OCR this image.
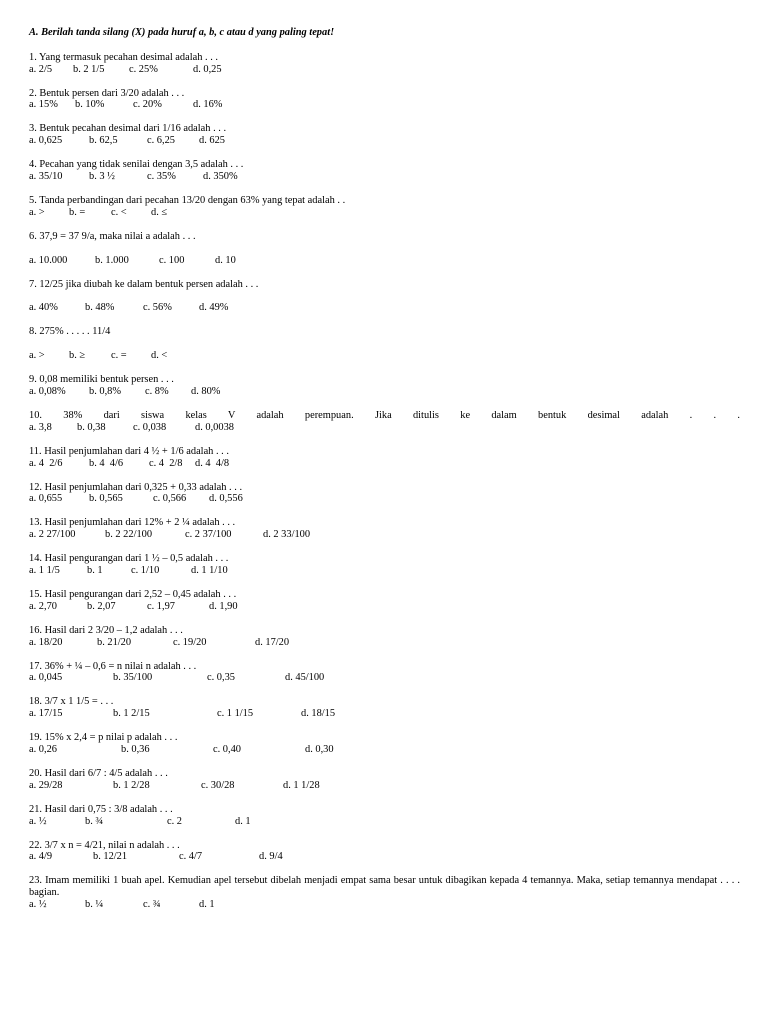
A. Berilah tanda silang (X) pada huruf a, b, c atau d yang paling tepat!
1. Yang termasuk pecahan desimal adalah . . .
a. 2/5 b. 2 1/5 c. 25%	d. 0,25
2. Bentuk persen dari 3/20 adalah . . .
a. 15% b. 10%	c. 20%	d. 16%
3. Bentuk pecahan desimal dari 1/16 adalah . . .
a. 0,625	b. 62,5	c. 6,25 d. 625
4. Pecahan yang tidak senilai dengan 3,5 adalah . . .
a. 35/10	b. 3 ½	c. 35%	d. 350%
5. Tanda perbandingan dari pecahan 13/20 dengan 63% yang tepat adalah . .
a. > b. = c. < d. ≤
6. 37,9 = 37 9/a, maka nilai a adalah . . .
a. 10.000	b. 1.000	c. 100	d. 10
7. 12/25 jika diubah ke dalam bentuk persen adalah . . .
a. 40%	b. 48%	c. 56%	d. 49%
8. 275% . . . . . 11/4
a. > b. ≥ c. = d. <
9. 0,08 memiliki bentuk persen . . .
a. 0,08% b. 0,8% c. 8% d. 80%
10. 38% dari siswa kelas V adalah perempuan. Jika ditulis ke dalam bentuk desimal adalah . . .
a. 3,8 b. 0,38	c. 0,038	d. 0,0038
11. Hasil penjumlahan dari 4 ½ + 1/6 adalah . . .
a. 4  2/6	b. 4  4/6 c. 4  2/8 d. 4  4/8
12. Hasil penjumlahan dari 0,325 + 0,33 adalah . . .
a. 0,655	b. 0,565	c. 0,566 d. 0,556
13. Hasil penjumlahan dari 12% + 2 ¼ adalah . . .
a. 2 27/100	b. 2 22/100	c. 2 37/100	d. 2 33/100
14. Hasil pengurangan dari 1 ½ – 0,5 adalah . . .
a. 1 1/5	b. 1	c. 1/10	d. 1 1/10
15. Hasil pengurangan dari 2,52 – 0,45 adalah . . .
a. 2,70	b. 2,07	c. 1,97	d. 1,90
16. Hasil dari 2 3/20 – 1,2 adalah . . .
a. 18/20	b. 21/20	c. 19/20	d. 17/20
17. 36% + ¼ – 0,6 = n nilai n adalah . . .
a. 0,045	b. 35/100	c. 0,35	d. 45/100
18. 3/7 x 1 1/5 = . . .
a. 17/15	b. 1 2/15	c. 1 1/15	d. 18/15
19. 15% x 2,4 = p nilai p adalah . . .
a. 0,26	b. 0,36	c. 0,40	d. 0,30
20. Hasil dari 6/7 : 4/5 adalah . . .
a. 29/28	b. 1 2/28	c. 30/28	d. 1 1/28
21. Hasil dari 0,75 : 3/8 adalah . . .
a. ½	b. ¾	c. 2	d. 1
22. 3/7 x n = 4/21, nilai n adalah . . .
a. 4/9	b. 12/21	c. 4/7	d. 9/4
23. Imam memiliki 1 buah apel. Kemudian apel tersebut dibelah menjadi empat sama besar untuk dibagikan kepada 4 temannya. Maka, setiap temannya mendapat . . . . bagian.
a. ½	b. ¼	c. ¾	d. 1
